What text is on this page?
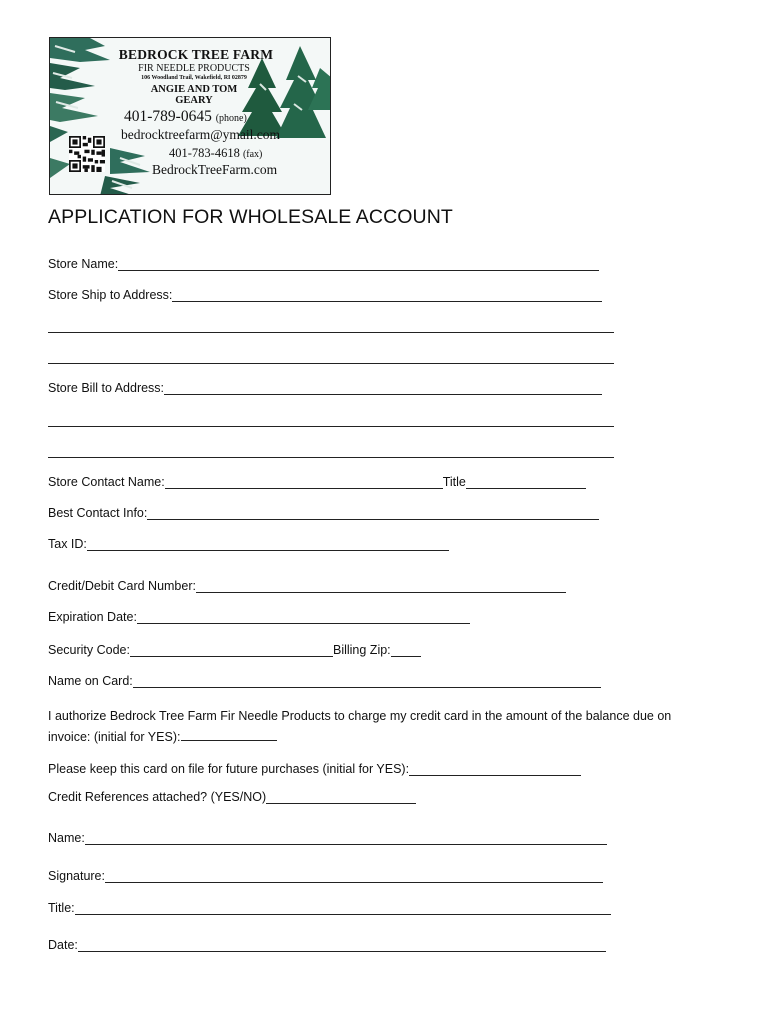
BEDROCK TREE FARM
FIR NEEDLE PRODUCTS
106 Woodland Trail, Wakefield, RI 02879
ANGIE AND TOM
GEARY
401-789-0645 (phone)
bedrocktreefarm@ymail.com
401-783-4618 (fax)
BedrockTreeFarm.com
APPLICATION FOR WHOLESALE ACCOUNT
Store Name:
Store Ship to Address:
Store Bill to Address:
Store Contact Name:	Title
Best Contact Info:
Tax ID:
Credit/Debit Card Number:
Expiration Date:
Security Code:	Billing Zip:
Name on Card:
I authorize Bedrock Tree Farm Fir Needle Products to charge my credit card in the amount of the balance due on invoice: (initial for YES):
Please keep this card on file for future purchases (initial for YES):
Credit References attached? (YES/NO)
Name:
Signature:
Title:
Date:
